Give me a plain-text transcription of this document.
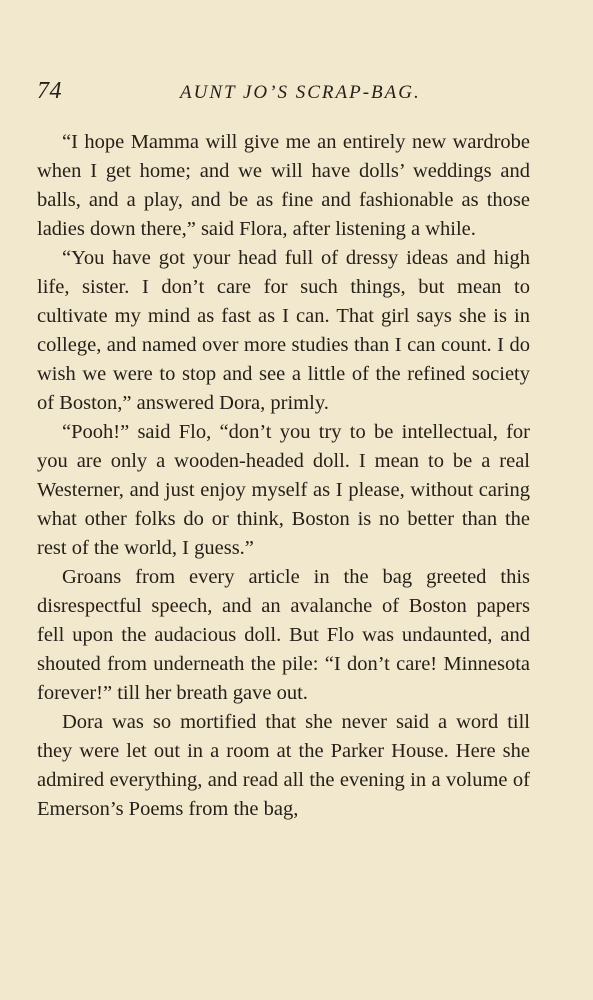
74	AUNT JO’S SCRAP-BAG.

“I hope Mamma will give me an entirely new wardrobe when I get home; and we will have dolls’ weddings and balls, and a play, and be as fine and fashionable as those ladies down there,” said Flora, after listening a while.

“You have got your head full of dressy ideas and high life, sister. I don’t care for such things, but mean to cultivate my mind as fast as I can. That girl says she is in college, and named over more studies than I can count. I do wish we were to stop and see a little of the refined society of Boston,” answered Dora, primly.

“Pooh!” said Flo, “don’t you try to be intellectual, for you are only a wooden-headed doll. I mean to be a real Westerner, and just enjoy myself as I please, without caring what other folks do or think, Boston is no better than the rest of the world, I guess.”

Groans from every article in the bag greeted this disrespectful speech, and an avalanche of Boston papers fell upon the audacious doll. But Flo was undaunted, and shouted from underneath the pile: “I don’t care! Minnesota forever!” till her breath gave out.

Dora was so mortified that she never said a word till they were let out in a room at the Parker House. Here she admired everything, and read all the evening in a volume of Emerson’s Poems from the bag,
